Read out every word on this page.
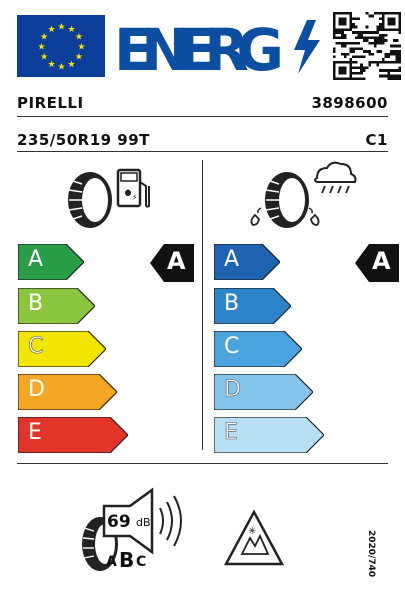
★ ★
★
★
★
★
★
★
★
★
★
★ ENERG
PIRELLI	3898600
235/50R19 99T	C1
⚡
A
B
C
D
E
A A
B
C
D
E
A
69 dB
A B C
✳	2020/740
